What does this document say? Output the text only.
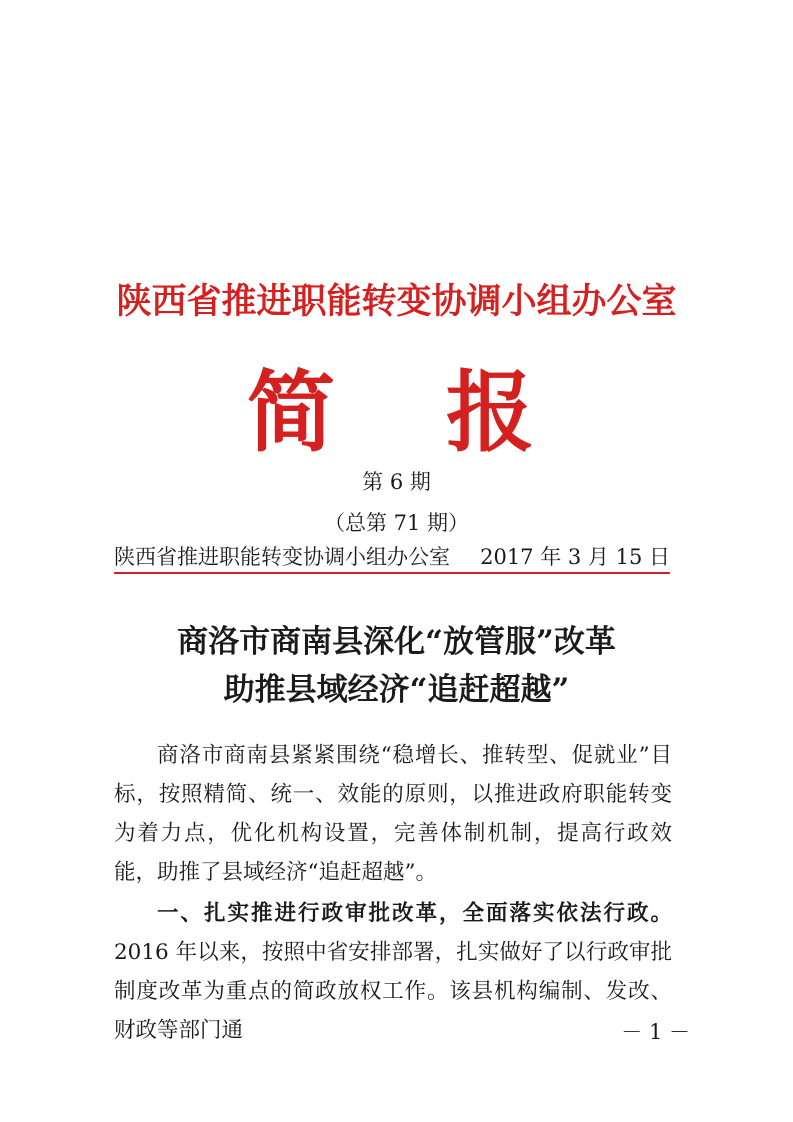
陕西省推进职能转变协调小组办公室
简 报
第 6 期
（总第 71 期）
陕西省推进职能转变协调小组办公室 2017 年 3 月 15 日
商洛市商南县深化“放管服”改革
助推县域经济“追赶超越”

商洛市商南县紧紧围绕“稳增长、推转型、促就业”目标，按照精简、统一、效能的原则，以推进政府职能转变为着力点，优化机构设置，完善体制机制，提高行政效能，助推了县域经济“追赶超越”。

一、扎实推进行政审批改革，全面落实依法行政。2016 年以来，按照中省安排部署，扎实做好了以行政审批制度改革为重点的简政放权工作。该县机构编制、发改、财政等部门通	－ 1 －
